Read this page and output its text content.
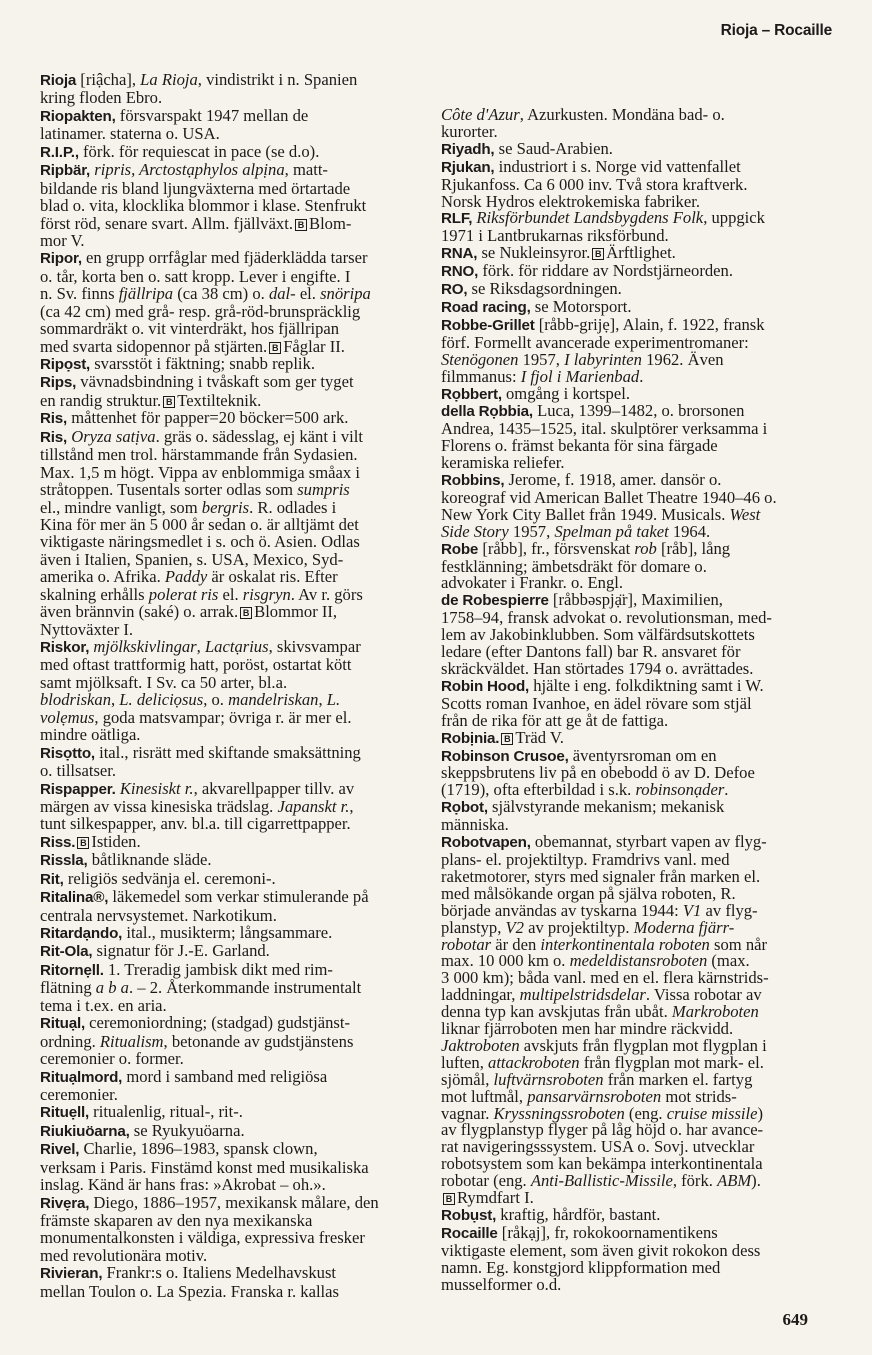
Rioja – Rocaille
Rioja [riậcha], La Rioja, vindistrikt i n. Spanien
kring floden Ebro.
Riopakten, försvarspakt 1947 mellan de
latinamer. staterna o. USA.
R.I.P., förk. för requiescat in pace (se d.o).
Ripbär, ripris, Arctostạphylos alpịna, matt-
bildande ris bland ljungväxterna med örtartade
blad o. vita, klocklika blommor i klase. Stenfrukt
först röd, senare svart. Allm. fjällväxt. B Blom-
mor V.
Ripor, en grupp orrfåglar med fjäderklädda tarser
o. tår, korta ben o. satt kropp. Lever i engifte. I
n. Sv. finns fjällripa (ca 38 cm) o. dal- el. snöripa
(ca 42 cm) med grå- resp. grå-röd-brunspräcklig
sommardräkt o. vit vinterdräkt, hos fjällripan
med svarta sidopennor på stjärten. B Fåglar II.
Ripọst, svarsstöt i fäktning; snabb replik.
Rips, vävnadsbindning i tvåskaft som ger tyget
en randig struktur. B Textilteknik.
Ris, måttenhet för papper=20 böcker=500 ark.
Ris, Oryza satịva. gräs o. sädesslag, ej känt i vilt
tillstånd men trol. härstammande från Sydasien.
Max. 1,5 m högt. Vippa av enblommiga småax i
stråtoppen. Tusentals sorter odlas som sumpris
el., mindre vanligt, som bergris. R. odlades i
Kina för mer än 5 000 år sedan o. är alltjämt det
viktigaste näringsmedlet i s. och ö. Asien. Odlas
även i Italien, Spanien, s. USA, Mexico, Syd-
amerika o. Afrika. Paddy är oskalat ris. Efter
skalning erhålls polerat ris el. risgryn. Av r. görs
även brännvin (saké) o. arrak. B Blommor II,
Nyttoväxter I.
Riskor, mjölkskivlingar, Lactạrius, skivsvampar
med oftast trattformig hatt, poröst, ostartat kött
samt mjölksaft. I Sv. ca 50 arter, bl.a.
blodriskan, L. deliciọsus, o. mandelriskan, L.
volẹmus, goda matsvampar; övriga r. är mer el.
mindre oätliga.
Risọtto, ital., risrätt med skiftande smaksättning
o. tillsatser.
Rispapper. Kinesiskt r., akvarellpapper tillv. av
märgen av vissa kinesiska trädslag. Japanskt r.,
tunt silkespapper, anv. bl.a. till cigarrettpapper.
Riss. B Istiden.
Rissla, båtliknande släde.
Rit, religiös sedvänja el. ceremoni-.
Ritalina®, läkemedel som verkar stimulerande på
centrala nervsystemet. Narkotikum.
Ritardạndo, ital., musikterm; långsammare.
Rit-Ola, signatur för J.-E. Garland.
Ritornẹll. 1. Treradig jambisk dikt med rim-
flätning a b a. – 2. Återkommande instrumentalt
tema i t.ex. en aria.
Rituạl, ceremoniordning; (stadgad) gudstjänst-
ordning. Ritualism, betonande av gudstjänstens
ceremonier o. former.
Rituạlmord, mord i samband med religiösa
ceremonier.
Rituẹll, ritualenlig, ritual-, rit-.
Riukiuöarna, se Ryukyuöarna.
Rivel, Charlie, 1896–1983, spansk clown,
verksam i Paris. Finstämd konst med musikaliska
inslag. Känd är hans fras: »Akrobat – oh.».
Rivẹra, Diego, 1886–1957, mexikansk målare, den
främste skaparen av den nya mexikanska
monumentalkonsten i väldiga, expressiva fresker
med revolutionära motiv.
Rivieran, Frankr:s o. Italiens Medelhavskust
mellan Toulon o. La Spezia. Franska r. kallas
Côte d'Azur, Azurkusten. Mondäna bad- o.
kurorter.
Riyadh, se Saud-Arabien.
Rjukan, industriort i s. Norge vid vattenfallet
Rjukanfoss. Ca 6 000 inv. Två stora kraftverk.
Norsk Hydros elektrokemiska fabriker.
RLF, Riksförbundet Landsbygdens Folk, uppgick
1971 i Lantbrukarnas riksförbund.
RNA, se Nukleinsyror. B Ärftlighet.
RNO, förk. för riddare av Nordstjärneorden.
RO, se Riksdagsordningen.
Road racing, se Motorsport.
Robbe-Grillet [råbb-grijẹ], Alain, f. 1922, fransk
förf. Formellt avancerade experimentromaner:
Stenögonen 1957, I labyrinten 1962. Även
filmmanus: I fjol i Marienbad.
Rọbbert, omgång i kortspel.
della Rọbbia, Luca, 1399–1482, o. brorsonen
Andrea, 1435–1525, ital. skulptörer verksamma i
Florens o. främst bekanta för sina färgade
keramiska reliefer.
Robbins, Jerome, f. 1918, amer. dansör o.
koreograf vid American Ballet Theatre 1940–46 o.
New York City Ballet från 1949. Musicals. West
Side Story 1957, Spelman på taket 1964.
Robe [råbb], fr., försvenskat rob [råb], lång
festklänning; ämbetsdräkt för domare o.
advokater i Frankr. o. Engl.
de Robespierre [råbbəspjạ̈r], Maximilien,
1758–94, fransk advokat o. revolutionsman, med-
lem av Jakobinklubben. Som välfärdsutskottets
ledare (efter Dantons fall) bar R. ansvaret för
skräckväldet. Han störtades 1794 o. avrättades.
Robin Hood, hjälte i eng. folkdiktning samt i W.
Scotts roman Ivanhoe, en ädel rövare som stjäl
från de rika för att ge åt de fattiga.
Robịnia. B Träd V.
Robinson Crusoe, äventyrsroman om en
skeppsbrutens liv på en obebodd ö av D. Defoe
(1719), ofta efterbildad i s.k. robinsonạder.
Rọbot, självstyrande mekanism; mekanisk
människa.
Robotvapen, obemannat, styrbart vapen av flyg-
plans- el. projektiltyp. Framdrivs vanl. med
raketmotorer, styrs med signaler från marken el.
med målsökande organ på själva roboten, R.
började användas av tyskarna 1944: V1 av flyg-
planstyp, V2 av projektiltyp. Moderna fjärr-
robotar är den interkontinentala roboten som når
max. 10 000 km o. medeldistansroboten (max.
3 000 km); båda vanl. med en el. flera kärnstrids-
laddningar, multipelstridsdelar. Vissa robotar av
denna typ kan avskjutas från ubåt. Markroboten
liknar fjärroboten men har mindre räckvidd.
Jaktroboten avskjuts från flygplan mot flygplan i
luften, attackroboten från flygplan mot mark- el.
sjömål, luftvärnsroboten från marken el. fartyg
mot luftmål, pansarvärnsroboten mot strids-
vagnar. Kryssningssroboten (eng. cruise missile)
av flygplanstyp flyger på låg höjd o. har avance-
rat navigeringsssystem. USA o. Sovj. utvecklar
robotsystem som kan bekämpa interkontinentala
robotar (eng. Anti-Ballistic-Missile, förk. ABM).
BRymdfart I.
Robụst, kraftig, hårdför, bastant.
Rocaille [råkạj], fr, rokokoornamentikens
viktigaste element, som även givit rokokon dess
namn. Eg. konstgjord klippformation med
musselformer o.d.
649
